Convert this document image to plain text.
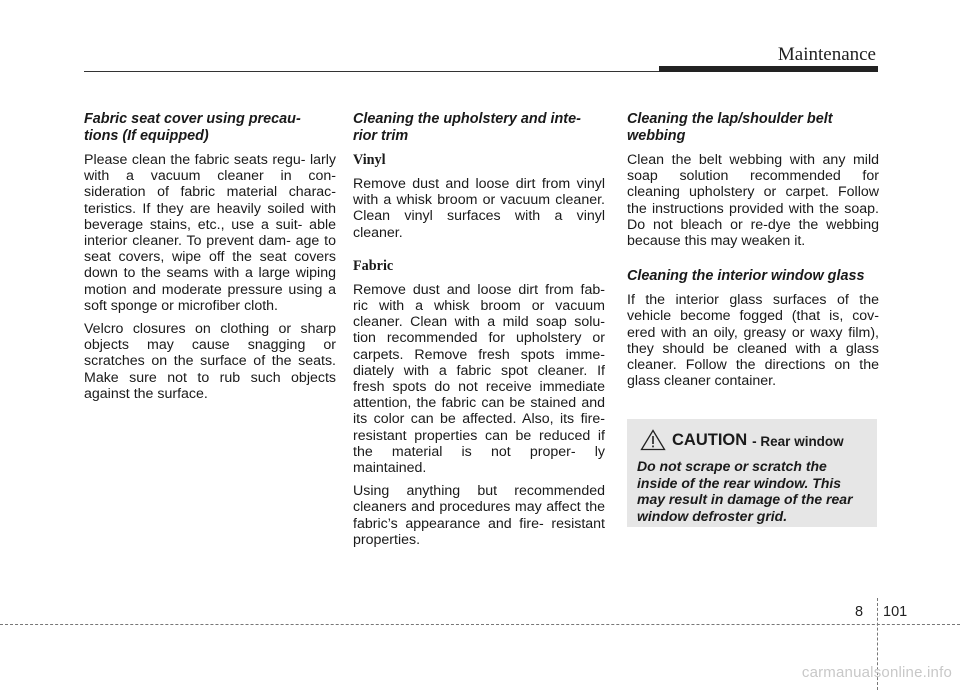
Maintenance

Fabric seat cover using precau- tions (If equipped)

Please clean the fabric seats regu- larly with a vacuum cleaner in con- sideration of fabric material charac- teristics. If they are heavily soiled with beverage stains, etc., use a suit- able interior cleaner. To prevent dam- age to seat covers, wipe off the seat covers down to the seams with a large wiping motion and moderate pressure using a soft sponge or microfiber cloth.

Velcro closures on clothing or sharp objects may cause snagging or scratches on the surface of the seats. Make sure not to rub such objects against the surface.

Cleaning the upholstery and inte- rior trim

Vinyl

Remove dust and loose dirt from vinyl with a whisk broom or vacuum cleaner. Clean vinyl surfaces with a vinyl cleaner.

Fabric

Remove dust and loose dirt from fab- ric with a whisk broom or vacuum cleaner. Clean with a mild soap solu- tion recommended for upholstery or carpets. Remove fresh spots imme- diately with a fabric spot cleaner. If fresh spots do not receive immediate attention, the fabric can be stained and its color can be affected. Also, its fire-resistant properties can be reduced if the material is not proper- ly maintained.

Using anything but recommended cleaners and procedures may affect the fabric’s appearance and fire- resistant properties.

Cleaning the lap/shoulder belt webbing

Clean the belt webbing with any mild soap solution recommended for cleaning upholstery or carpet. Follow the instructions provided with the soap. Do not bleach or re-dye the webbing because this may weaken it.

Cleaning the interior window glass

If the interior glass surfaces of the vehicle become fogged (that is, cov- ered with an oily, greasy or waxy film), they should be cleaned with a glass cleaner. Follow the directions on the glass cleaner container.

CAUTION - Rear window

Do not scrape or scratch the inside of the rear window. This may result in damage of the rear window defroster grid.

8 101
carmanualsonline.info
